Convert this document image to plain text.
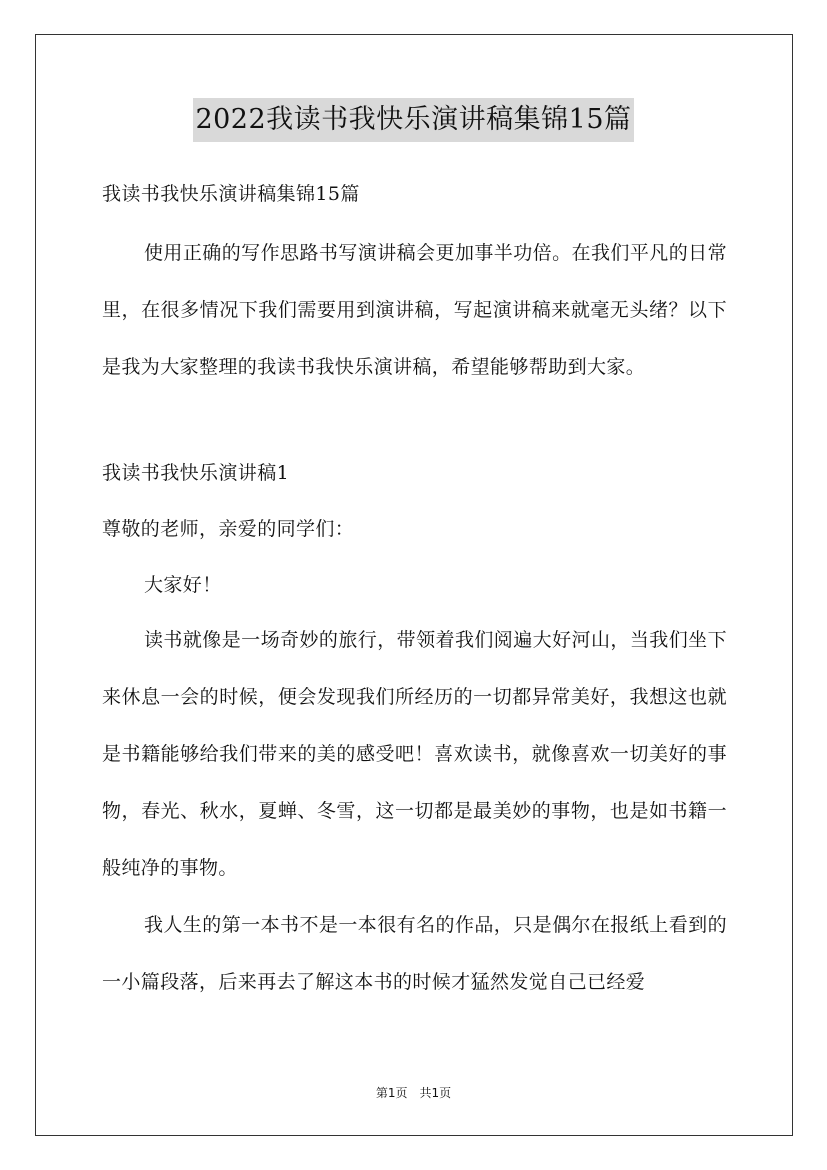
2022我读书我快乐演讲稿集锦15篇
我读书我快乐演讲稿集锦15篇
使用正确的写作思路书写演讲稿会更加事半功倍。在我们平凡的日常里，在很多情况下我们需要用到演讲稿，写起演讲稿来就毫无头绪？以下是我为大家整理的我读书我快乐演讲稿，希望能够帮助到大家。
我读书我快乐演讲稿1
尊敬的老师，亲爱的同学们：
大家好！
读书就像是一场奇妙的旅行，带领着我们阅遍大好河山，当我们坐下来休息一会的时候，便会发现我们所经历的一切都异常美好，我想这也就是书籍能够给我们带来的美的感受吧！喜欢读书，就像喜欢一切美好的事物，春光、秋水，夏蝉、冬雪，这一切都是最美妙的事物，也是如书籍一般纯净的事物。
我人生的第一本书不是一本很有名的作品，只是偶尔在报纸上看到的一小篇段落，后来再去了解这本书的时候才猛然发觉自己已经爱
第1页 共1页
